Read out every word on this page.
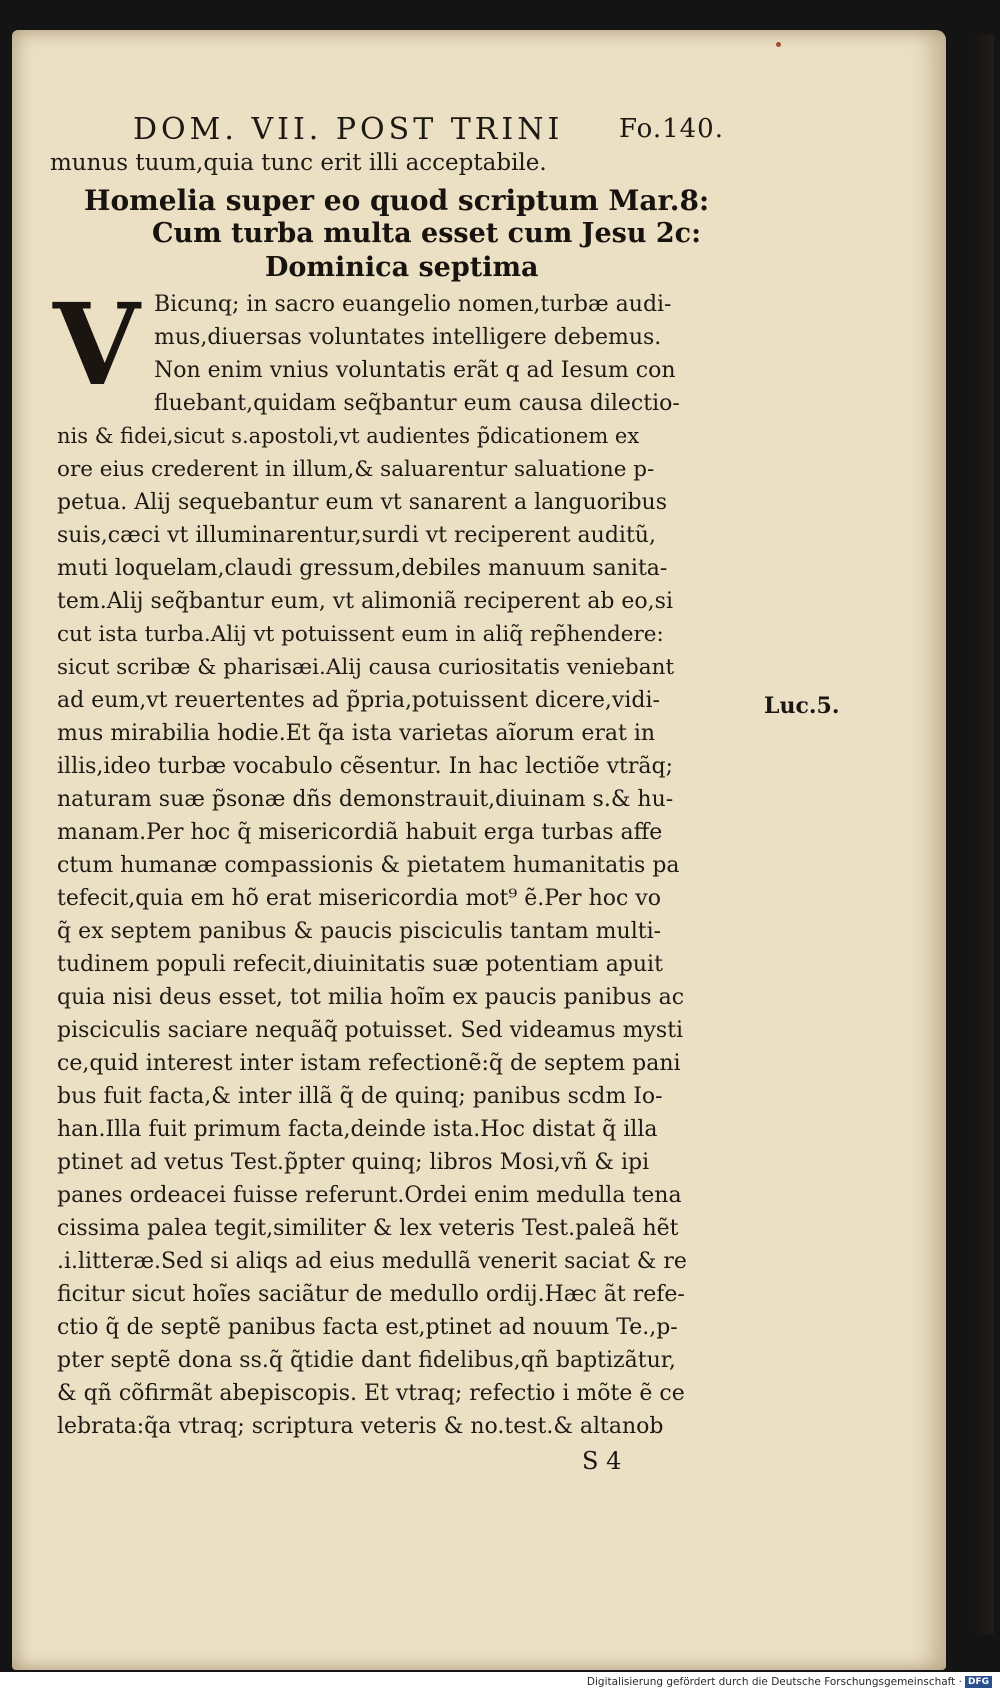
DOM. VII. POST TRINI Fo.140.
munus tuum,quia tunc erit illi acceptabile.
Homelia super eo quod scriptum Mar.8:
Cum turba multa esset cum Jesu 2c:
Dominica septima
V Bicunq; in sacro euangelio nomen,turbæ audi-
mus,diuersas voluntates intelligere debemus.
Non enim vnius voluntatis erãt q ad Iesum con
fluebant,quidam seq̃bantur eum causa dilectio-
nis & fidei,sicut s.apostoli,vt audientes p̃dicationem ex
ore eius crederent in illum,& saluarentur saluatione p-
petua. Alij sequebantur eum vt sanarent a languoribus
suis,cæci vt illuminarentur,surdi vt reciperent auditũ,
muti loquelam,claudi gressum,debiles manuum sanita-
tem.Alij seq̃bantur eum, vt alimoniã reciperent ab eo,si
cut ista turba.Alij vt potuissent eum in aliq̃ rep̃hendere:
sicut scribæ & pharisæi.Alij causa curiositatis veniebant
ad eum,vt reuertentes ad p̃pria,potuissent dicere,vidi-
mus mirabilia hodie.Et q̃a ista varietas aĩorum erat in
illis,ideo turbæ vocabulo cẽsentur. In hac lectiõe vtrãq;
naturam suæ p̃sonæ dñs demonstrauit,diuinam s.& hu-
manam.Per hoc q̃ misericordiã habuit erga turbas affe
ctum humanæ compassionis & pietatem humanitatis pa
tefecit,quia em hõ erat misericordia mot⁹ ẽ.Per hoc vo
q̃ ex septem panibus & paucis pisciculis tantam multi-
tudinem populi refecit,diuinitatis suæ potentiam apuit
quia nisi deus esset, tot milia hoĩm ex paucis panibus ac
pisciculis saciare nequãq̃ potuisset. Sed videamus mysti
ce,quid interest inter istam refectionẽ:q̃ de septem pani
bus fuit facta,& inter illã q̃ de quinq; panibus scdm Io-
han.Illa fuit primum facta,deinde ista.Hoc distat q̃ illa
ptinet ad vetus Test.p̃pter quinq; libros Mosi,vñ & ipi
panes ordeacei fuisse referunt.Ordei enim medulla tena
cissima palea tegit,similiter & lex veteris Test.paleã hẽt
.i.litteræ.Sed si aliqs ad eius medullã venerit saciat & re
ficitur sicut hoĩes saciãtur de medullo ordij.Hæc ãt refe-
ctio q̃ de septẽ panibus facta est,ptinet ad nouum Te.,p-
pter septẽ dona ss.q̃ q̃tidie dant fidelibus,qñ baptizãtur,
& qñ cõfirmãt abepiscopis. Et vtraq; refectio i mõte ẽ ce
lebrata:q̃a vtraq; scriptura veteris & no.test.& altanob
Luc.5.
S 4
Digitalisierung gefördert durch die Deutsche Forschungsgemeinschaft · DFG
